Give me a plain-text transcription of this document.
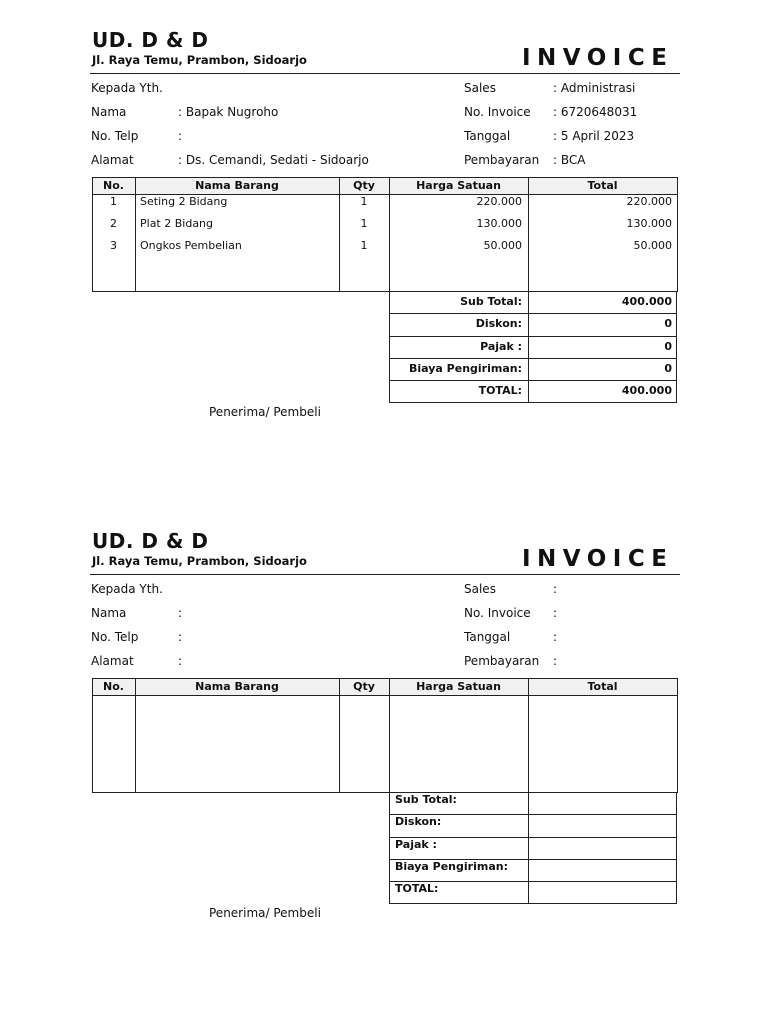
UD. D & D
Jl. Raya Temu, Prambon, Sidoarjo	INVOICE
Kepada Yth.
Nama	: Bapak Nugroho
No. Telp	:
Alamat	: Ds. Cemandi, Sedati - Sidoarjo
Sales	: Administrasi
No. Invoice : 6720648031
Tanggal	: 5 April 2023
Pembayaran : BCA
No.	Nama Barang	Qty	Harga Satuan	Total
1	Seting 2 Bidang	1	220.000	220.000
2	Plat 2 Bidang	1	130.000	130.000
3	Ongkos Pembelian	1	50.000	50.000
Sub Total:	400.000
Diskon:	0
Pajak :	0
Biaya Pengiriman:	0
TOTAL:	400.000
Penerima/ Pembeli
UD. D & D
Jl. Raya Temu, Prambon, Sidoarjo	INVOICE
Kepada Yth.
Nama	:
No. Telp	:
Alamat	:
Sales	:
No. Invoice :
Tanggal	:
Pembayaran :
No.	Nama Barang	Qty	Harga Satuan	Total
Sub Total:
Diskon:
Pajak :
Biaya Pengiriman:
TOTAL:
Penerima/ Pembeli
